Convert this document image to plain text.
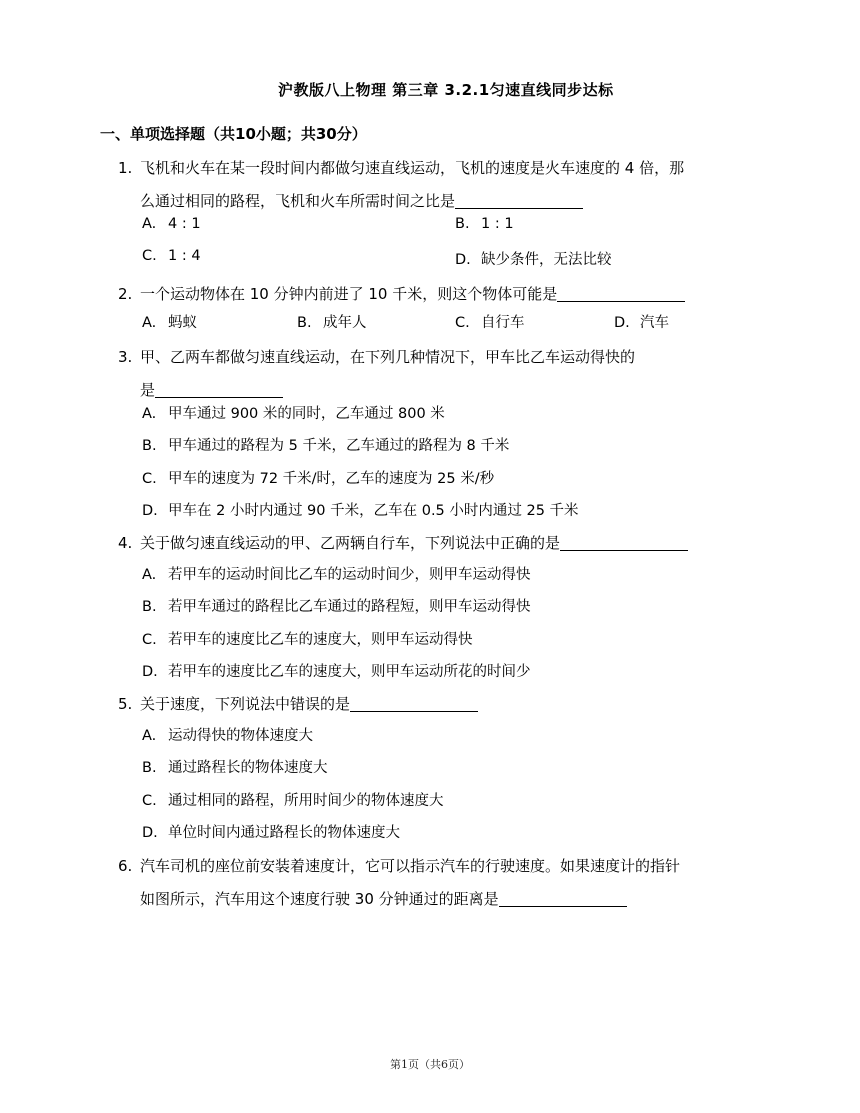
沪教版八上物理 第三章 3.2.1匀速直线同步达标
一、单项选择题（共10小题；共30分）
1. 飞机和火车在某一段时间内都做匀速直线运动，飞机的速度是火车速度的 4 倍，那
么通过相同的路程，飞机和火车所需时间之比是
A. 4 : 1	B. 1 : 1
C. 1 : 4	D. 缺少条件，无法比较
2. 一个运动物体在 10 分钟内前进了 10 千米，则这个物体可能是
A. 蚂蚁	B. 成年人	C. 自行车	D. 汽车
3. 甲、乙两车都做匀速直线运动，在下列几种情况下，甲车比乙车运动得快的
是
A. 甲车通过 900 米的同时，乙车通过 800 米
B. 甲车通过的路程为 5 千米，乙车通过的路程为 8 千米
C. 甲车的速度为 72 千米/时，乙车的速度为 25 米/秒
D. 甲车在 2 小时内通过 90 千米，乙车在 0.5 小时内通过 25 千米
4. 关于做匀速直线运动的甲、乙两辆自行车，下列说法中正确的是
A. 若甲车的运动时间比乙车的运动时间少，则甲车运动得快
B. 若甲车通过的路程比乙车通过的路程短，则甲车运动得快
C. 若甲车的速度比乙车的速度大，则甲车运动得快
D. 若甲车的速度比乙车的速度大，则甲车运动所花的时间少
5. 关于速度，下列说法中错误的是
A. 运动得快的物体速度大
B. 通过路程长的物体速度大
C. 通过相同的路程，所用时间少的物体速度大
D. 单位时间内通过路程长的物体速度大
6. 汽车司机的座位前安装着速度计，它可以指示汽车的行驶速度。如果速度计的指针
如图所示，汽车用这个速度行驶 30 分钟通过的距离是
第1页（共6页）
